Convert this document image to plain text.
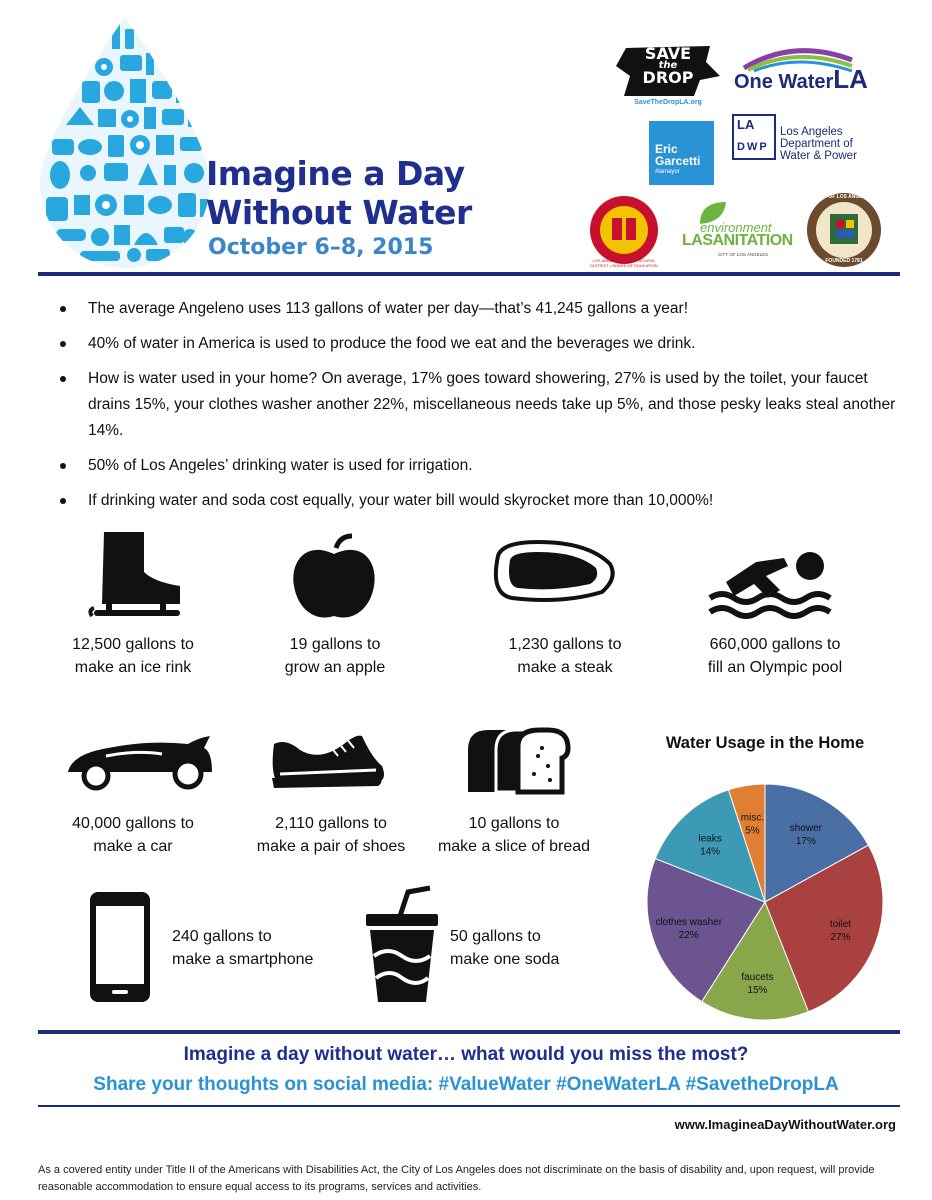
Imagine a Day
Without Water
October 6–8, 2015
SAVE
the
DROP
SaveTheDropLA.org
One WaterLA
Eric
Garcetti
#lamayor
LA
DWP
Los Angeles
Department of
Water & Power
LOS ANGELES UNIFIED SCHOOL DISTRICT • BOARD OF EDUCATION
environment
LASANITATION
CITY OF LOS ANGELES
CITY OF LOS ANGELES
FOUNDED 1781
The average Angeleno uses 113 gallons of water per day—that’s 41,245 gallons a year!
40% of water in America is used to produce the food we eat and the beverages we drink.
How is water used in your home? On average, 17% goes toward showering, 27% is used by the toilet, your faucet drains 15%, your clothes washer another 22%, miscellaneous needs take up 5%, and those pesky leaks steal another 14%.
50% of Los Angeles’ drinking water is used for irrigation.
If drinking water and soda cost equally, your water bill would skyrocket more than 10,000%!
12,500 gallons to
make an ice rink
19 gallons to
grow an apple
1,230 gallons to
make a steak
660,000 gallons to
fill an Olympic pool
40,000 gallons to
make a car
2,110 gallons to
make a pair of shoes
10 gallons to
make a slice of bread
240 gallons to
make a smartphone
50 gallons to
make one soda
Water Usage in the Home
shower
17%
toilet
27%
faucets
15%
clothes washer
22%
leaks
14%
misc.
5%
Imagine a day without water… what would you miss the most?
Share your thoughts on social media: #ValueWater #OneWaterLA #SavetheDropLA
www.ImagineaDayWithoutWater.org
As a covered entity under Title II of the Americans with Disabilities Act, the City of Los Angeles does not discriminate on the basis of disability and, upon request, will provide reasonable accommodation to ensure equal access to its programs, services and activities.
